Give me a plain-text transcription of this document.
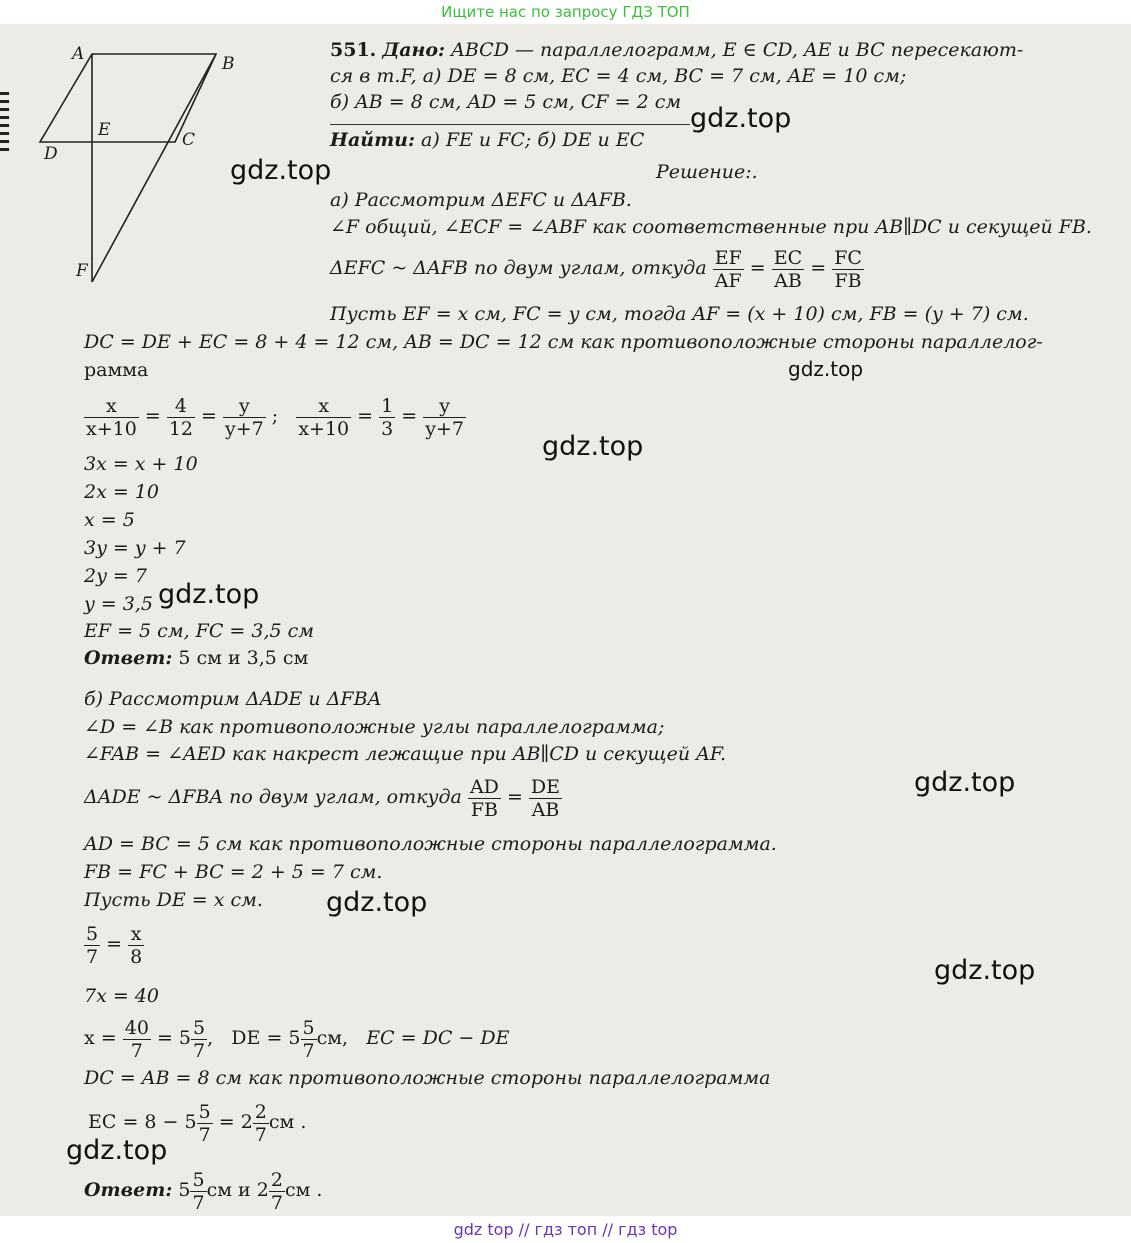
Ищите нас по запросу ГДЗ ТОП
A	B
C
D
E
F
551. Дано: ABCD — параллелограмм, E ∈ CD, AE и BC пересекают-
ся в т.F, а) DE = 8 см, EC = 4 см, BC = 7 см, AE = 10 см;
б) AB = 8 см, AD = 5 см, CF = 2 см
Найти: а) FE и FC; б) DE и EC
Решение:.
а) Рассмотрим ΔEFC и ΔAFB.
∠F общий, ∠ECF = ∠ABF как соответственные при AB∥DC и секущей FB.
ΔEFC ~ ΔAFB по двум углам, откуда $\frac{EF}{AF} = \frac{EC}{AB} = \frac{FC}{FB}$
Пусть EF = x см, FC = y см, тогда AF = (x + 10) см, FB = (y + 7) см.
DC = DE + EC = 8 + 4 = 12 см, AB = DC = 12 см как противоположные стороны параллелог-
рамма
$\frac{x}{x+10} = \frac{4}{12} = \frac{y}{y+7}$ ; $\frac{x}{x+10} = \frac{1}{3} = \frac{y}{y+7}$
3x = x + 10
2x = 10
x = 5
3y = y + 7
2y = 7
y = 3,5
EF = 5 см, FC = 3,5 см
Ответ: 5 см и 3,5 см
б) Рассмотрим ΔADE и ΔFBA
∠D = ∠B как противоположные углы параллелограмма;
∠FAB = ∠AED как накрест лежащие при AB∥CD и секущей AF.
ΔADE ~ ΔFBA по двум углам, откуда $\frac{AD}{FB} = \frac{DE}{AB}$
AD = BC = 5 см как противоположные стороны параллелограмма.
FB = FC + BC = 2 + 5 = 7 см.
Пусть DE = x см.
$\frac{5}{7} = \frac{x}{8}$
7x = 40
$x = \frac{40}{7} = 5 \frac{5}{7}$ ,   DE = $5 \frac{5}{7}$ см, EC = DC − DE
DC = AB = 8 см как противоположные стороны параллелограмма
EC = $8 - 5 \frac{5}{7} = 2 \frac{2}{7}$ см .
Ответ: $5 \frac{5}{7}$ см и $2 \frac{2}{7}$ см .
gdz.top
gdz.top
gdz.top
gdz.top
gdz.top
gdz.top
gdz.top
gdz.top
gdz.top
gdz top // гдз топ // гдз top
